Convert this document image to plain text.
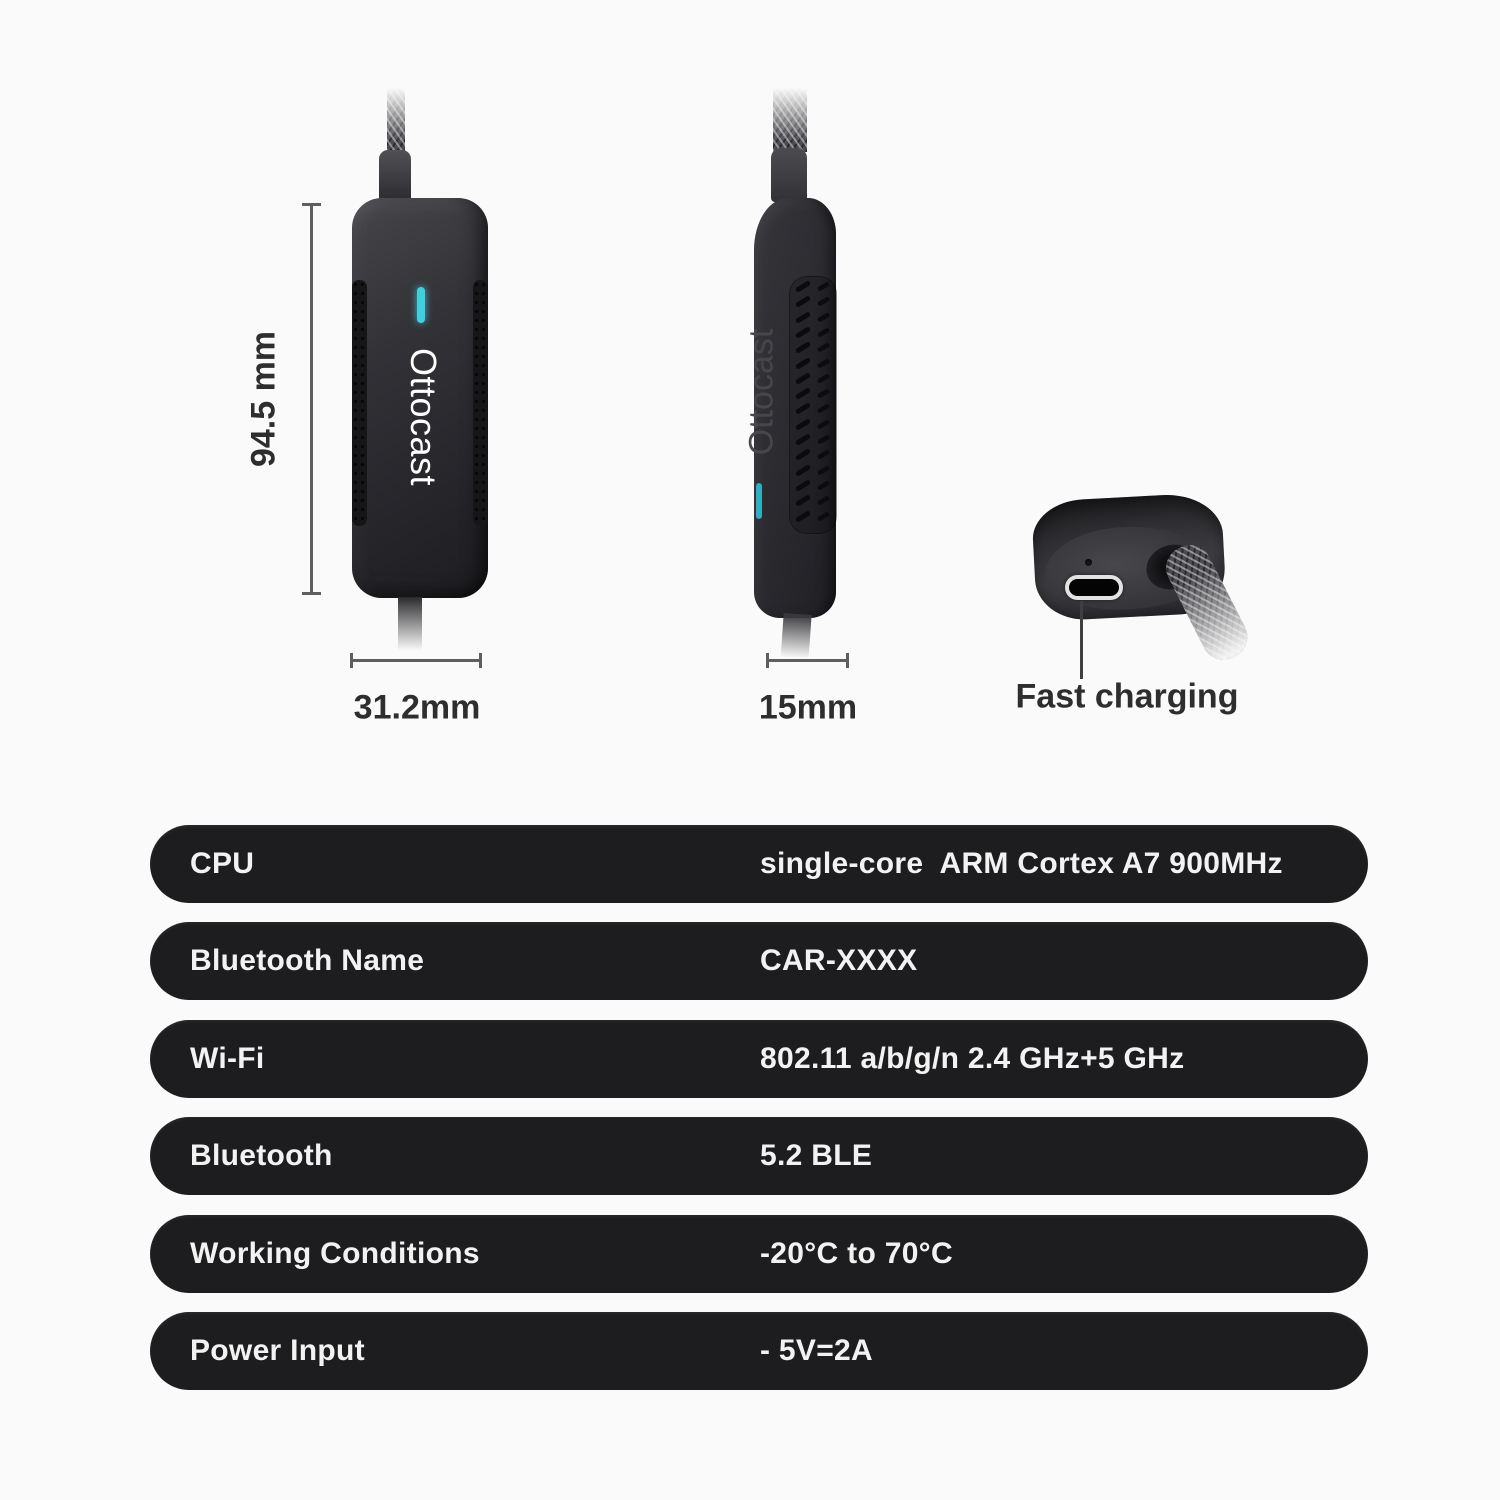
Ottocast
94.5 mm
31.2mm
Ottocast
15mm	Fast charging
CPU	single-core  ARM Cortex A7 900MHz
Bluetooth Name	CAR-XXXX
Wi-Fi	802.11 a/b/g/n 2.4 GHz+5 GHz
Bluetooth	5.2 BLE
Working Conditions	-20°C to 70°C
Power Input	- 5V=2A
